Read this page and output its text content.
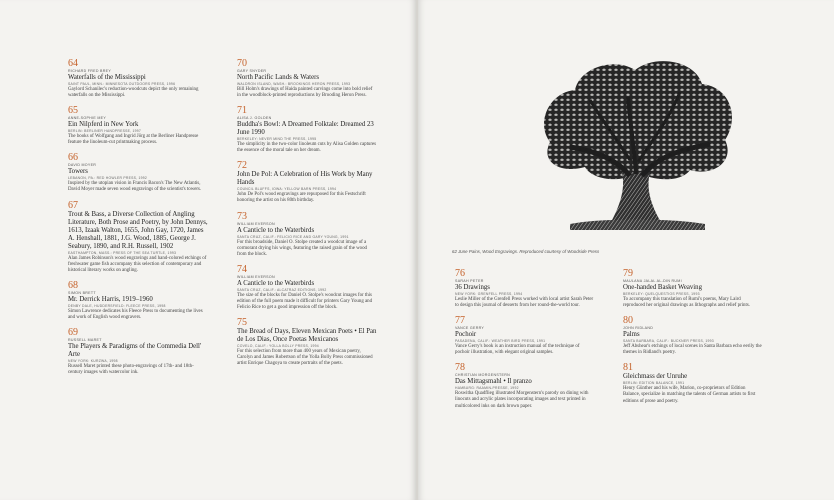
64
RICHARD FRED BREY
Waterfalls of the Mississippi
SAINT PAUL, MINN.: MINNESOTA OUTDOORS PRESS, 1996
Gaylord Schanilec's reduction-woodcuts depict the only remaining waterfalls on the Mississippi.
65
ANNE-SOPHIE MEY
Ein Nilpferd in New York
BERLIN: BERLINER HANDPRESSE, 1997
The books of Wolfgang and Ingrid Jörg at the Berliner Handpresse feature the linoleum-cut printmaking process.
66
DAVID MOYER
Towers
LEBANON, PA.: RED HOWLER PRESS, 1992
Inspired by the utopian vision in Francis Bacon's The New Atlantis, David Moyer made seven wood engravings of the scientist's towers.
67
Trout & Bass, a Diverse Collection of Angling Literature, Both Prose and Poetry, by John Dennys, 1613, Izaak Walton, 1655, John Gay, 1720, James A. Henshall, 1881, J.G. Wood, 1885, George J. Seabury, 1890, and R.H. Russell, 1902
EASTHAMPTON, MASS.: PRESS OF THE SEA TURTLE, 1993
Alan James Robinson's wood engravings and hand-colored etchings of freshwater game fish accompany this selection of contemporary and historical literary works on angling.
68
SIMON BRETT
Mr. Derrick Harris, 1919–1960
DENBY DALE, HUDDERSFIELD: FLEECE PRESS, 1998
Simon Lawrence dedicates his Fleece Press to documenting the lives and work of English wood engravers.
69
RUSSELL MARET
The Players & Paradigms of the Commedia Dell' Arte
NEW YORK: KURZWA, 1998
Russell Maret printed these photo-engravings of 17th- and 18th-century images with watercolor ink.
70
GARY SNYDER
North Pacific Lands & Waters
WALDRON ISLAND, WASH.: BROOKINGS HERON PRESS, 1993
Bill Holm's drawings of Haida painted carvings come into bold relief in the woodblock-printed reproductions by Brooding Heron Press.
71
ALISA J. GOLDEN
Buddha's Bowl: A Dreamed Folktale: Dreamed 23 June 1990
BERKELEY: NEVER MIND THE PRESS, 1995
The simplicity in the two-color linoleum cuts by Alisa Golden captures the essence of the moral tale on her dream.
72
John De Pol: A Celebration of His Work by Many Hands
COUNCIL BLUFFS, IOWA: YELLOW BARN PRESS, 1994
John De Pol's wood engravings are repurposed for this Festschrift honoring the artist on his 80th birthday.
73
WILLIAM EVERSON
A Canticle to the Waterbirds
SANTA CRUZ, CALIF.: FELICIO RICE AND GARY YOUNG, 1991
For this broadside, Daniel O. Stolpe created a woodcut image of a cormorant drying his wings, featuring the raised grain of the wood from the block.
74
WILLIAM EVERSON
A Canticle to the Waterbirds
SANTA CRUZ, CALIF.: ALCATRAZ EDITIONS, 1992
The size of the blocks for Daniel O. Stolpe's woodcut images for this edition of the full poem made it difficult for printers Gary Young and Felicio Rice to get a good impression off the block.
75
The Bread of Days, Eleven Mexican Poets • El Pan de Los Dias, Once Poetas Mexicanos
COVELO, CALIF.: YOLLA BOLLY PRESS, 1994
For this selection from more than 400 years of Mexican poetry, Carolyn and James Robertson of the Yolla Bolly Press commissioned artist Enrique Chagoya to create portraits of the poets.
62 June Pains, Wood Engravings. Reproduced courtesy of Woodside Press
76
SARAH PETER
36 Drawings
NEW YORK: GRENFELL PRESS, 1994
Leslie Miller of the Grenfell Press worked with local artist Sarah Peter to design this journal of desserts from her round-the-world tour.
77
VANCE GERRY
Pochoir
PASADENA, CALIF.: WEATHER BIRD PRESS, 1991
Vance Gerry's book is an instruction manual of the technique of pochoir illustration, with elegant original samples.
78
CHRISTIAN MORGENSTERN
Das Mittagsmahl • Il pranzo
HAMBURG: RAAMIN-PRESSE, 1992
Roswitha Quadflieg illustrated Morgenstern's parody on dining with linocuts and acrylic plates incorporating images and text printed in multicolored inks on dark brown paper.
79
MAULANA JALAL AL-DIN RUMI
One-handed Basket Weaving
BERKELEY: QUELQUESTIOS PRESS, 1993
To accompany this translation of Rumi's poems, Mary Laird reproduced her original drawings as lithographs and relief prints.
80
JOHN RIDLAND
Palms
SANTA BARBARA, CALIF.: BUCKNER PRESS, 1993
Jeff Abshear's etchings of local scenes in Santa Barbara echo eerily the themes in Ridland's poetry.
81
Gleichmass der Unruhe
BERLIN: EDITION BALANCE, 1991
Henry Günther and his wife, Marion, co-proprietors of Edition Balance, specialize in matching the talents of German artists to first editions of prose and poetry.
